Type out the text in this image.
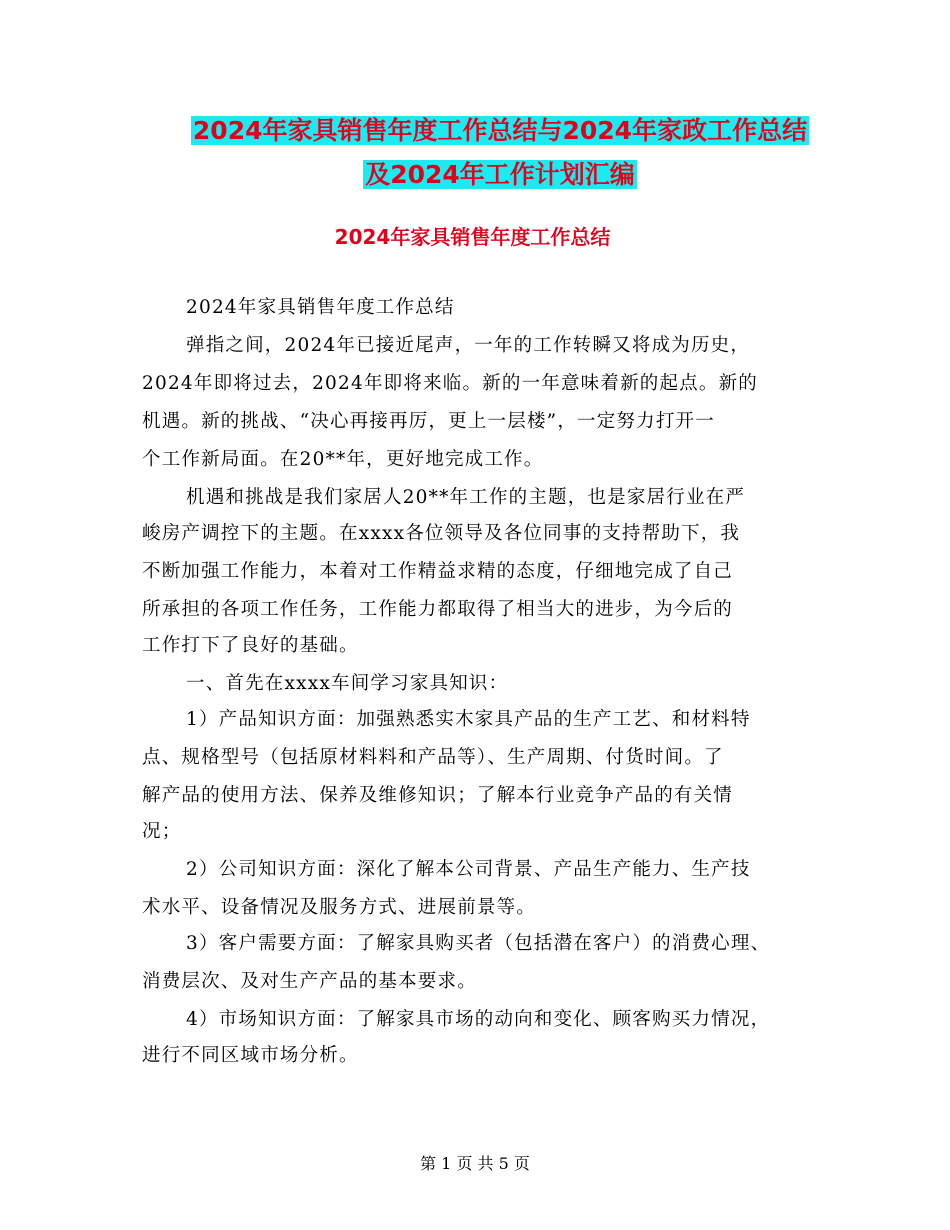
2024年家具销售年度工作总结与2024年家政工作总结
及2024年工作计划汇编
2024年家具销售年度工作总结
2024年家具销售年度工作总结
弹指之间，2024年已接近尾声，一年的工作转瞬又将成为历史，
2024年即将过去，2024年即将来临。新的一年意味着新的起点。新的
机遇。新的挑战、“决心再接再厉，更上一层楼”，一定努力打开一
个工作新局面。在20**年，更好地完成工作。
机遇和挑战是我们家居人20**年工作的主题，也是家居行业在严
峻房产调控下的主题。在xxxx各位领导及各位同事的支持帮助下，我
不断加强工作能力，本着对工作精益求精的态度，仔细地完成了自己
所承担的各项工作任务，工作能力都取得了相当大的进步，为今后的
工作打下了良好的基础。
一、首先在xxxx车间学习家具知识：
1）产品知识方面：加强熟悉实木家具产品的生产工艺、和材料特
点、规格型号（包括原材料料和产品等）、生产周期、付货时间。了
解产品的使用方法、保养及维修知识；了解本行业竞争产品的有关情
况；
2）公司知识方面：深化了解本公司背景、产品生产能力、生产技
术水平、设备情况及服务方式、进展前景等。
3）客户需要方面：了解家具购买者（包括潜在客户）的消费心理、
消费层次、及对生产产品的基本要求。
4）市场知识方面：了解家具市场的动向和变化、顾客购买力情况，
进行不同区域市场分析。
第 1 页 共 5 页
